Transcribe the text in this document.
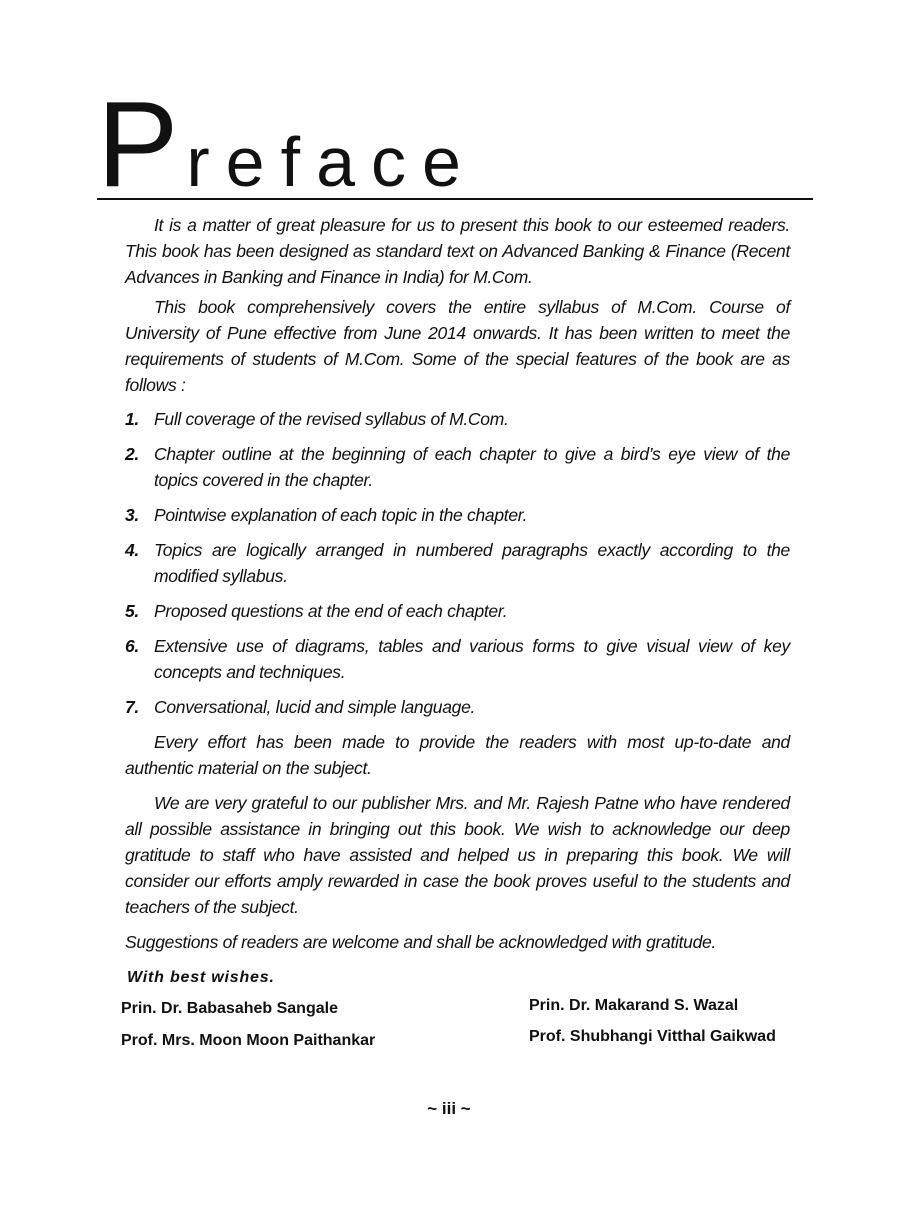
Preface

It is a matter of great pleasure for us to present this book to our esteemed readers. This book has been designed as standard text on Advanced Banking & Finance (Recent Advances in Banking and Finance in India) for M.Com.

This book comprehensively covers the entire syllabus of M.Com. Course of University of Pune effective from June 2014 onwards. It has been written to meet the requirements of students of M.Com. Some of the special features of the book are as follows :

1. Full coverage of the revised syllabus of M.Com.
2. Chapter outline at the beginning of each chapter to give a bird’s eye view of the topics covered in the chapter.
3. Pointwise explanation of each topic in the chapter.
4. Topics are logically arranged in numbered paragraphs exactly according to the modified syllabus.
5. Proposed questions at the end of each chapter.
6. Extensive use of diagrams, tables and various forms to give visual view of key concepts and techniques.
7. Conversational, lucid and simple language.

Every effort has been made to provide the readers with most up-to-date and authentic material on the subject.

We are very grateful to our publisher Mrs. and Mr. Rajesh Patne who have rendered all possible assistance in bringing out this book. We wish to acknowledge our deep gratitude to staff who have assisted and helped us in preparing this book. We will consider our efforts amply rewarded in case the book proves useful to the students and teachers of the subject.

Suggestions of readers are welcome and shall be acknowledged with gratitude.

With best wishes.
Prin. Dr. Babasaheb Sangale
Prof. Mrs. Moon Moon Paithankar
Prin. Dr. Makarand S. Wazal
Prof. Shubhangi Vitthal Gaikwad
~ iii ~
